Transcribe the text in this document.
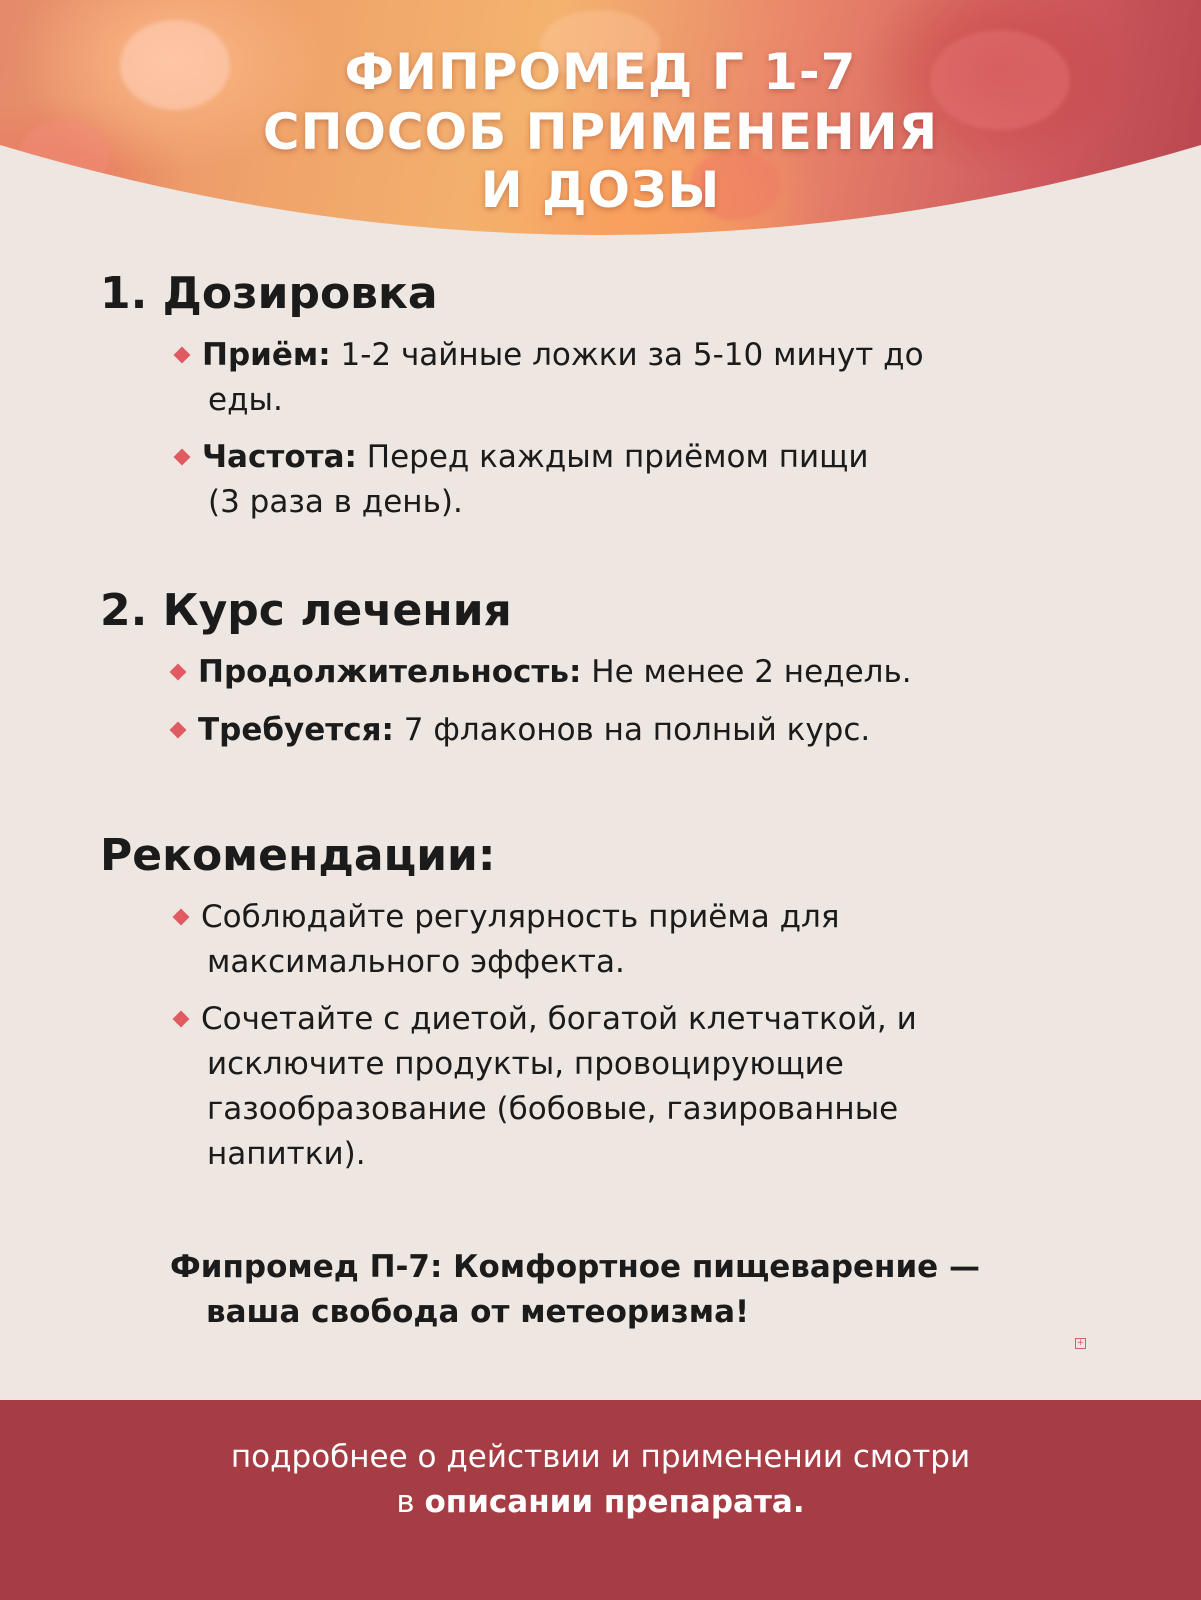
ФИПРОМЕД Г 1-7
СПОСОБ ПРИМЕНЕНИЯ
И ДОЗЫ
1. Дозировка
Приём: 1-2 чайные ложки за 5-10 минут до
еды.
Частота: Перед каждым приёмом пищи
(3 раза в день).
2. Курс лечения
Продолжительность: Не менее 2 недель.
Требуется: 7 флаконов на полный курс.
Рекомендации:
Соблюдайте регулярность приёма для
максимального эффекта.
Сочетайте с диетой, богатой клетчаткой, и
исключите продукты, провоцирующие
газообразование (бобовые, газированные
напитки).
Фипромед П-7: Комфортное пищеварение —
ваша свобода от метеоризма!
+
подробнее о действии и применении смотри
в описании препарата.
